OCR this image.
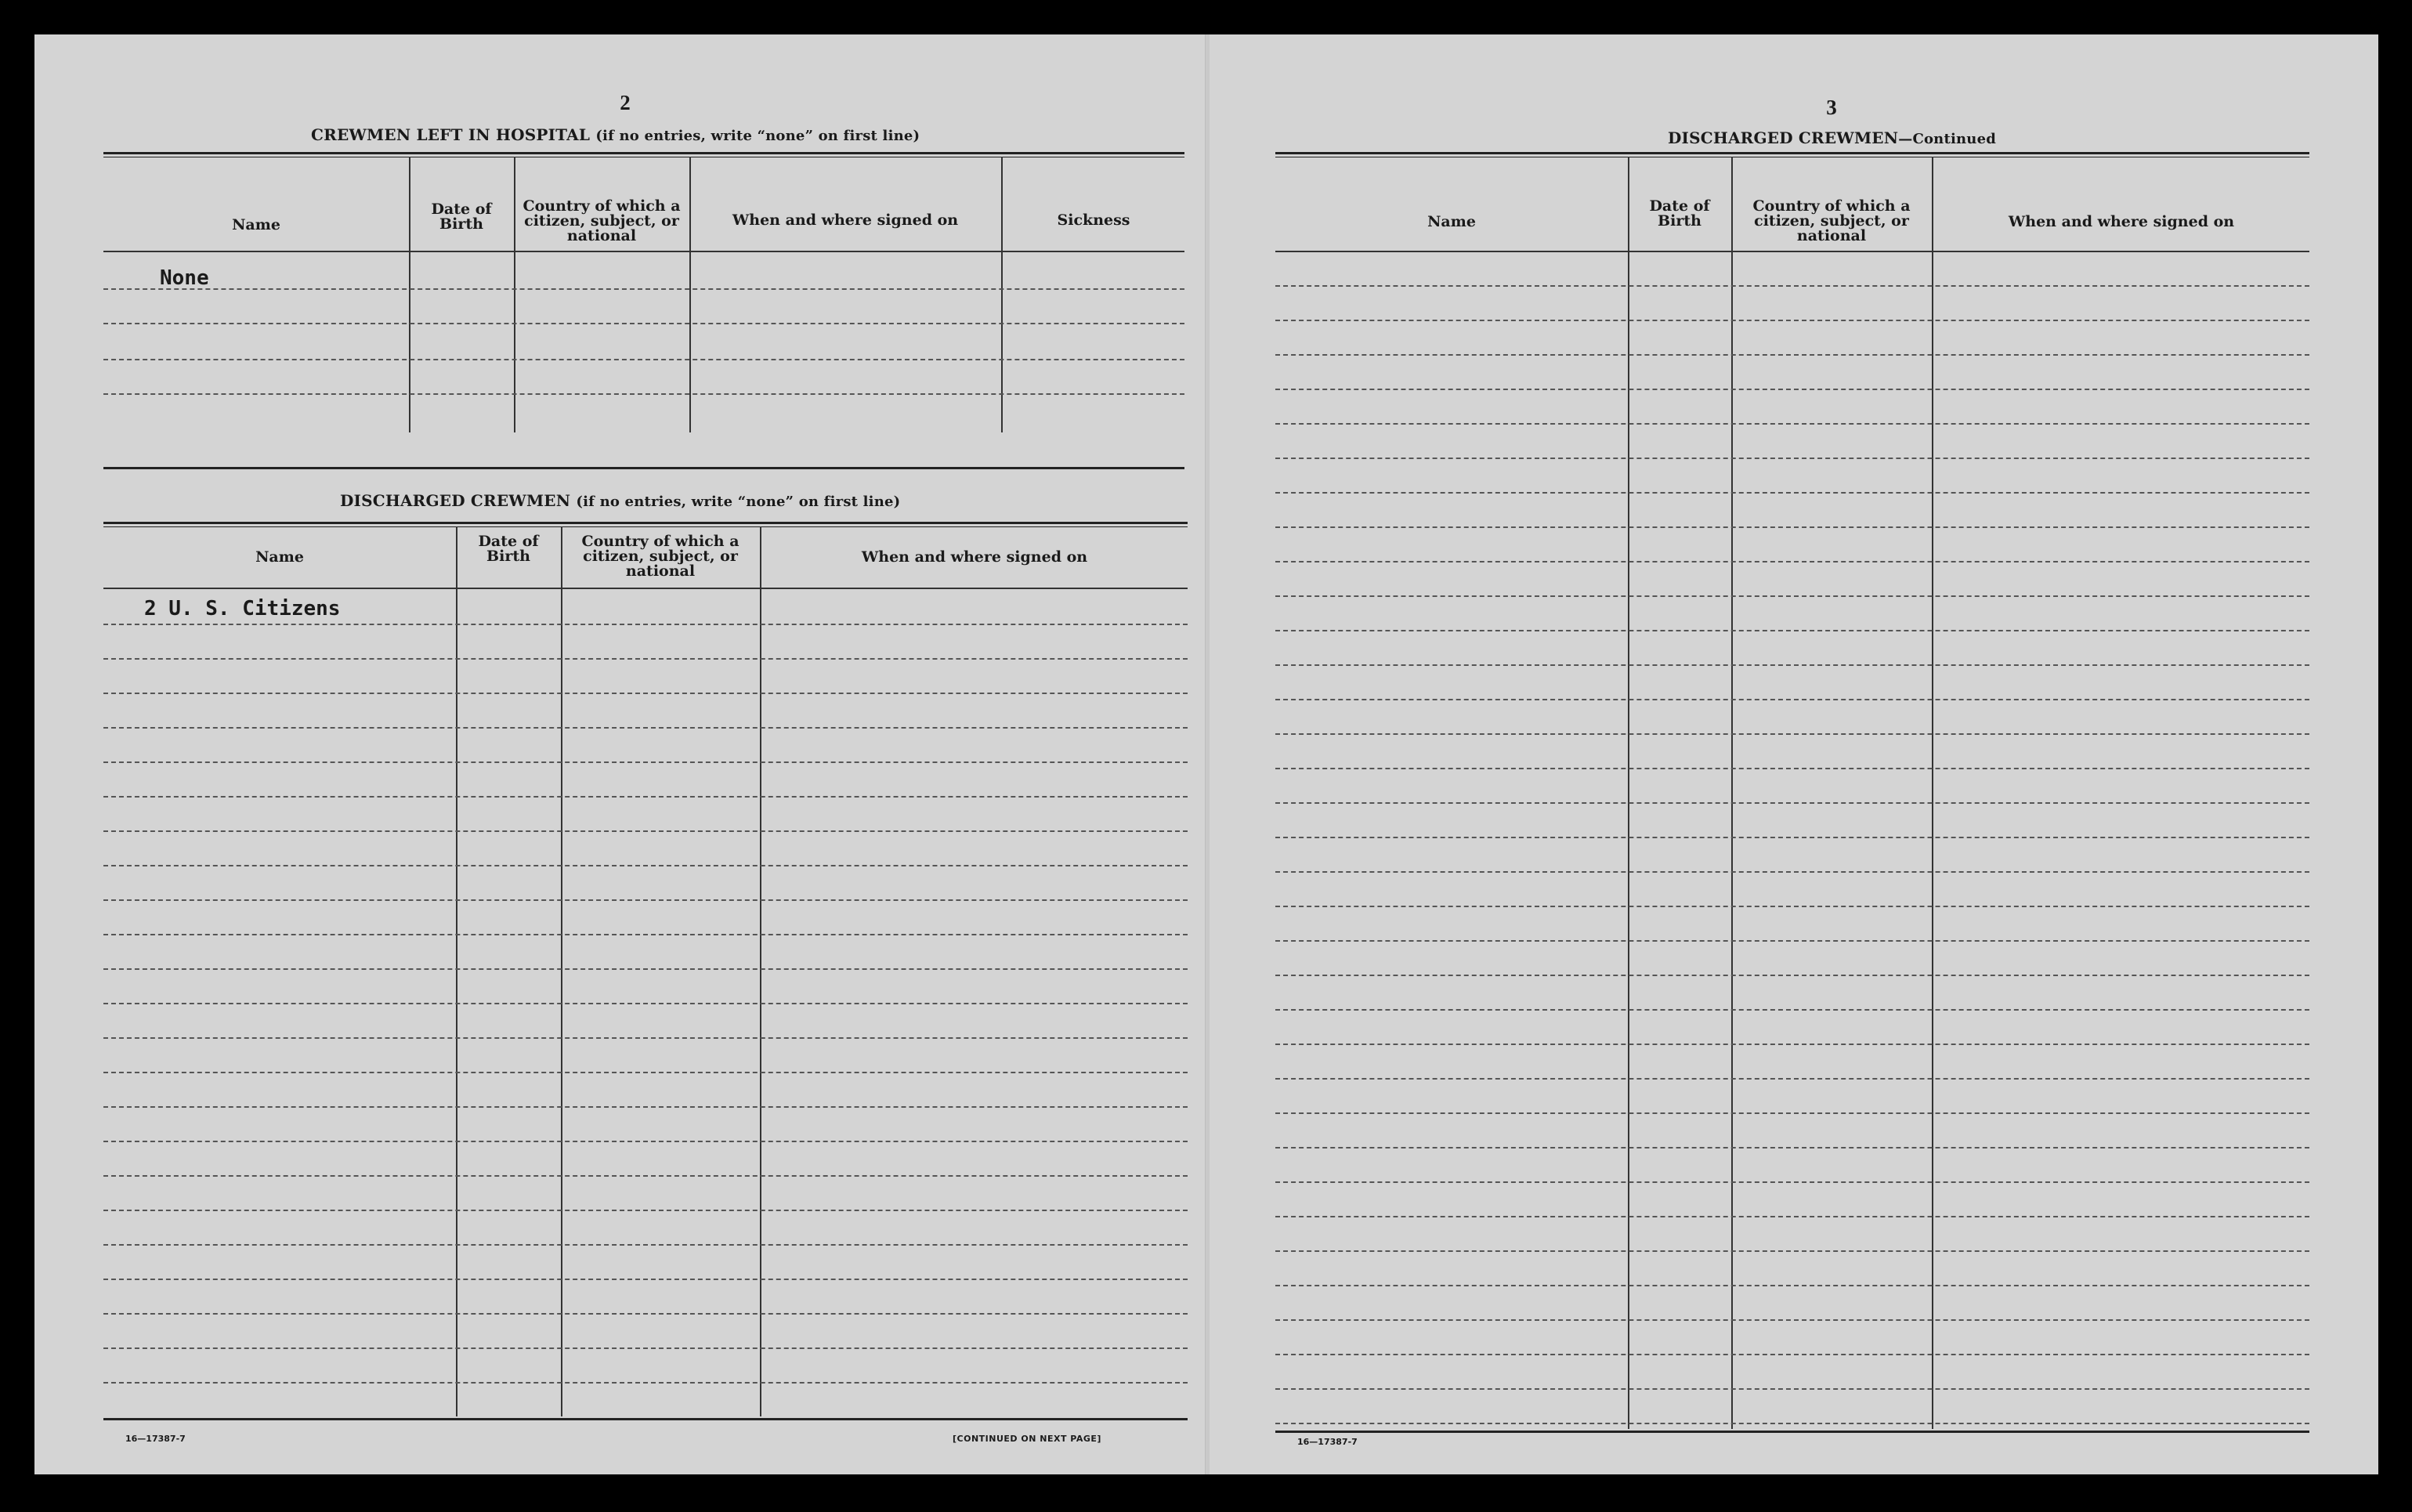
2
CREWMEN LEFT IN HOSPITAL (if no entries, write “none” on first line)
Name
Date of Birth
Country of which a citizen, subject, or national
When and where signed on	Sickness
None
DISCHARGED CREWMEN (if no entries, write “none” on first line)
Name
Date of Birth
Country of which a citizen, subject, or national
When and where signed on
2 U. S. Citizens
16—17387-7	[CONTINUED ON NEXT PAGE]
3
DISCHARGED CREWMEN—Continued
Name
Date of Birth
Country of which a citizen, subject, or national
When and where signed on
16—17387-7
